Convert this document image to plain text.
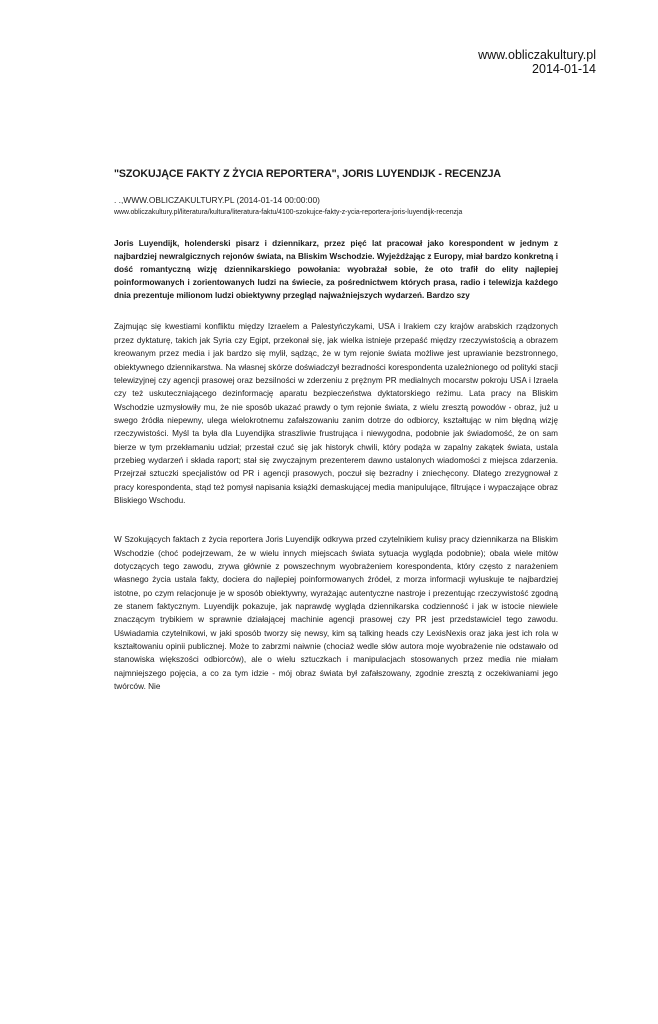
www.obliczakultury.pl
2014-01-14
"SZOKUJĄCE FAKTY Z ŻYCIA REPORTERA", JORIS LUYENDIJK - RECENZJA
. .,WWW.OBLICZAKULTURY.PL (2014-01-14 00:00:00)
www.obliczakultury.pl/literatura/kultura/literatura-faktu/4100-szokujce-fakty-z-ycia-reportera-joris-luyendijk-recenzja

Joris Luyendijk, holenderski pisarz i dziennikarz, przez pięć lat pracował jako korespondent w jednym z najbardziej newralgicznych rejonów świata, na Bliskim Wschodzie. Wyjeżdżając z Europy, miał bardzo konkretną i dość romantyczną wizję dziennikarskiego powołania: wyobrażał sobie, że oto trafił do elity najlepiej poinformowanych i zorientowanych ludzi na świecie, za pośrednictwem których prasa, radio i telewizja każdego dnia prezentuje milionom ludzi obiektywny przegląd najważniejszych wydarzeń. Bardzo szy

Zajmując się kwestiami konfliktu między Izraelem a Palestyńczykami, USA i Irakiem czy krajów arabskich rządzonych przez dyktaturę, takich jak Syria czy Egipt, przekonał się, jak wielka istnieje przepaść między rzeczywistością a obrazem kreowanym przez media i jak bardzo się mylił, sądząc, że w tym rejonie świata możliwe jest uprawianie bezstronnego, obiektywnego dziennikarstwa. Na własnej skórze doświadczył bezradności korespondenta uzależnionego od polityki stacji telewizyjnej czy agencji prasowej oraz bezsilności w zderzeniu z prężnym PR medialnych mocarstw pokroju USA i Izraela czy też uskuteczniającego dezinformację aparatu bezpieczeństwa dyktatorskiego reżimu. Lata pracy na Bliskim Wschodzie uzmysłowiły mu, że nie sposób ukazać prawdy o tym rejonie świata, z wielu zresztą powodów - obraz, już u swego źródła niepewny, ulega wielokrotnemu zafałszowaniu zanim dotrze do odbiorcy, kształtując w nim błędną wizję rzeczywistości. Myśl ta była dla Luyendijka straszliwie frustrująca i niewygodna, podobnie jak świadomość, że on sam bierze w tym przekłamaniu udział; przestał czuć się jak historyk chwili, który podąża w zapalny zakątek świata, ustala przebieg wydarzeń i składa raport; stał się zwyczajnym prezenterem dawno ustalonych wiadomości z miejsca zdarzenia. Przejrzał sztuczki specjalistów od PR i agencji prasowych, poczuł się bezradny i zniechęcony. Dlatego zrezygnował z pracy korespondenta, stąd też pomysł napisania książki demaskującej media manipulujące, filtrujące i wypaczające obraz Bliskiego Wschodu.

W Szokujących faktach z życia reportera Joris Luyendijk odkrywa przed czytelnikiem kulisy pracy dziennikarza na Bliskim Wschodzie (choć podejrzewam, że w wielu innych miejscach świata sytuacja wygląda podobnie); obala wiele mitów dotyczących tego zawodu, zrywa głównie z powszechnym wyobrażeniem korespondenta, który często z narażeniem własnego życia ustala fakty, dociera do najlepiej poinformowanych źródeł, z morza informacji wyłuskuje te najbardziej istotne, po czym relacjonuje je w sposób obiektywny, wyrażając autentyczne nastroje i prezentując rzeczywistość zgodną ze stanem faktycznym. Luyendijk pokazuje, jak naprawdę wygląda dziennikarska codzienność i jak w istocie niewiele znaczącym trybikiem w sprawnie działającej machinie agencji prasowej czy PR jest przedstawiciel tego zawodu. Uświadamia czytelnikowi, w jaki sposób tworzy się newsy, kim są talking heads czy LexisNexis oraz jaka jest ich rola w kształtowaniu opinii publicznej. Może to zabrzmi naiwnie (chociaż wedle słów autora moje wyobrażenie nie odstawało od stanowiska większości odbiorców), ale o wielu sztuczkach i manipulacjach stosowanych przez media nie miałam najmniejszego pojęcia, a co za tym idzie - mój obraz świata był zafałszowany, zgodnie zresztą z oczekiwaniami jego twórców. Nie
